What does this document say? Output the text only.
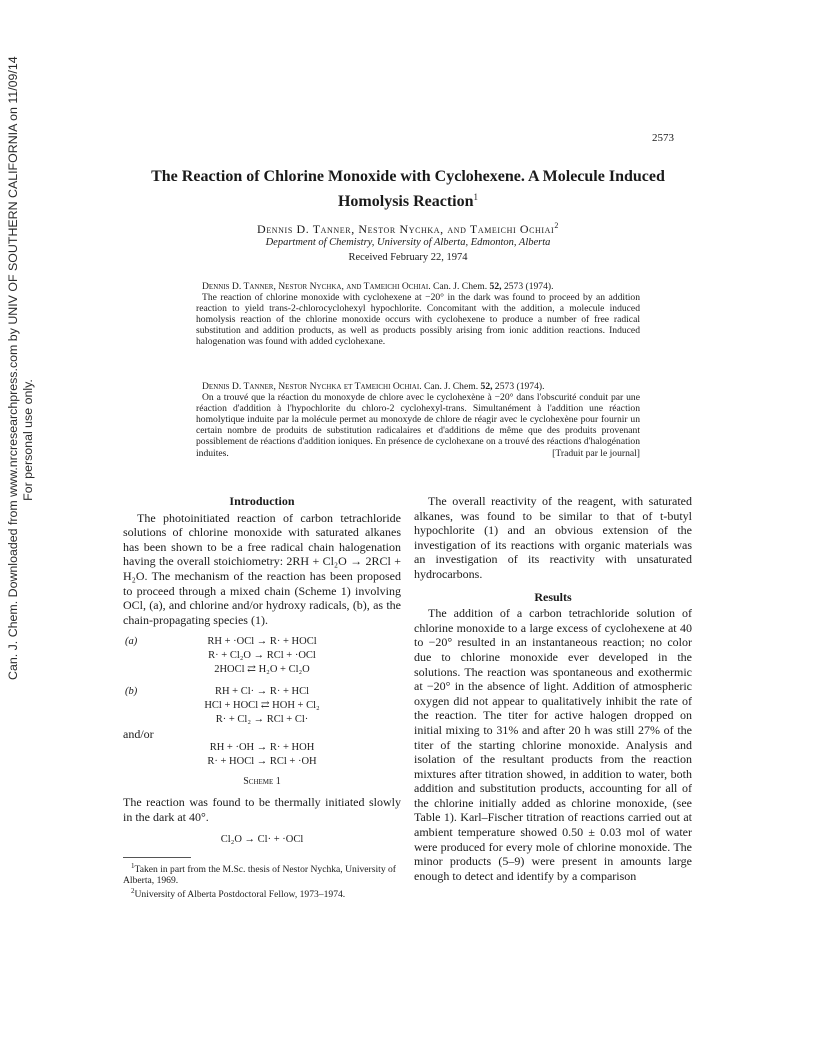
Can. J. Chem. Downloaded from www.nrcresearchpress.com by UNIV OF SOUTHERN CALIFORNIA on 11/09/14 For personal use only.
2573
The Reaction of Chlorine Monoxide with Cyclohexene. A Molecule Induced
Homolysis Reaction$^1$
Dennis D. Tanner, Nestor Nychka, and Tameichi Ochiai$^2$
Department of Chemistry, University of Alberta, Edmonton, Alberta
Received February 22, 1974
Dennis D. Tanner, Nestor Nychka, and Tameichi Ochiai. Can. J. Chem. 52, 2573 (1974).
The reaction of chlorine monoxide with cyclohexene at −20° in the dark was found to proceed by an addition reaction to yield trans-2-chlorocyclohexyl hypochlorite. Concomitant with the addition, a molecule induced homolysis reaction of the chlorine monoxide occurs with cyclohexene to produce a number of free radical substitution and addition products, as well as products possibly arising from ionic addition reactions. Induced halogenation was found with added cyclohexane.
Dennis D. Tanner, Nestor Nychka et Tameichi Ochiai. Can. J. Chem. 52, 2573 (1974).
On a trouvé que la réaction du monoxyde de chlore avec le cyclohexène à −20° dans l'obscurité conduit par une réaction d'addition à l'hypochlorite du chloro-2 cyclohexyl-trans. Simultanément à l'addition une réaction homolytique induite par la molécule permet au monoxyde de chlore de réagir avec le cyclohexène pour fournir un certain nombre de produits de substitution radicalaires et d'additions de même que des produits provenant possiblement de réactions d'addition ioniques. En présence de cyclohexane on a trouvé des réactions d'halogénation induites.	[Traduit par le journal]
Introduction

The photoinitiated reaction of carbon tetrachloride solutions of chlorine monoxide with saturated alkanes has been shown to be a free radical chain halogenation having the overall stoichiometry: 2RH + Cl₂O → 2RCl + H₂O. The mechanism of the reaction has been proposed to proceed through a mixed chain (Scheme 1) involving OCl, (a), and chlorine and/or hydroxy radicals, (b), as the chain-propagating species (1).

(a)	RH + ·OCl → R· + HOCl
R· + Cl₂O → RCl + ·OCl
2HOCl ⇄ H₂O + Cl₂O
(b)	RH + Cl· → R· + HCl
HCl + HOCl ⇄ HOH + Cl₂
R· + Cl₂ → RCl + Cl·
and/or
RH + ·OH → R· + HOH
R· + HOCl → RCl + ·OH
Scheme 1

The reaction was found to be thermally initiated slowly in the dark at 40°.

Cl₂O → Cl· + ·OCl

$^1$Taken in part from the M.Sc. thesis of Nestor Nychka, University of Alberta, 1969.

$^2$University of Alberta Postdoctoral Fellow, 1973–1974.

The overall reactivity of the reagent, with saturated alkanes, was found to be similar to that of t-butyl hypochlorite (1) and an obvious extension of the investigation of its reactions with organic materials was an investigation of its reactivity with unsaturated hydrocarbons.

Results

The addition of a carbon tetrachloride solution of chlorine monoxide to a large excess of cyclohexene at 40 to −20° resulted in an instantaneous reaction; no color due to chlorine monoxide ever developed in the solutions. The reaction was spontaneous and exothermic at −20° in the absence of light. Addition of atmospheric oxygen did not appear to qualitatively inhibit the rate of the reaction. The titer for active halogen dropped on initial mixing to 31% and after 20 h was still 27% of the titer of the starting chlorine monoxide. Analysis and isolation of the resultant products from the reaction mixtures after titration showed, in addition to water, both addition and substitution products, accounting for all of the chlorine initially added as chlorine monoxide, (see Table 1). Karl–Fischer titration of reactions carried out at ambient temperature showed 0.50 ± 0.03 mol of water were produced for every mole of chlorine monoxide. The minor products (5–9) were present in amounts large enough to detect and identify by a comparison
